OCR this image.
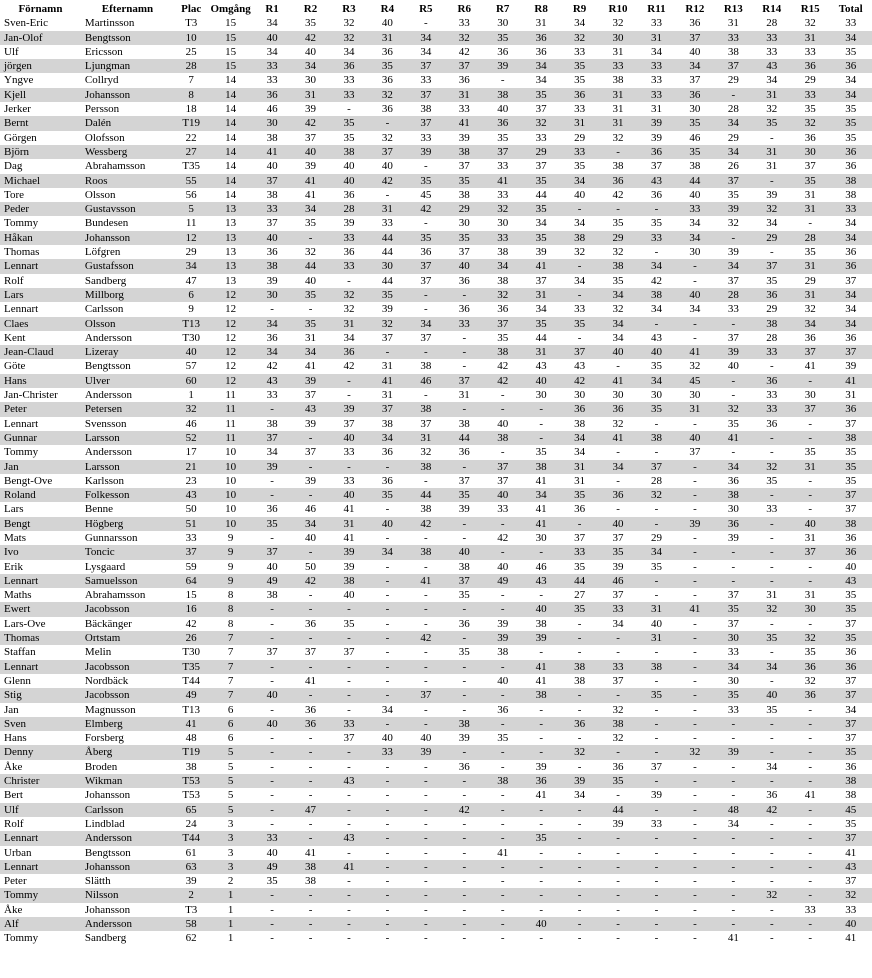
Förnamn	Efternamn	Plac	Omgång	R1	R2	R3	R4	R5	R6	R7	R8	R9	R10	R11	R12	R13	R14	R15	Total
Sven-Eric	Martinsson	T3	15	34	35	32	40	-	33	30	31	34	32	33	36	31	28	32	33
Jan-Olof	Bengtsson	10	15	40	42	32	31	34	32	35	36	32	30	31	37	33	33	31	34
Ulf	Ericsson	25	15	34	40	34	36	34	42	36	36	33	31	34	40	38	33	33	35
jörgen	Ljungman	28	15	33	34	36	35	37	37	39	34	35	33	33	34	37	43	36	36
Yngve	Collryd	7	14	33	30	33	36	33	36	-	34	35	38	33	37	29	34	29	34
Kjell	Johansson	8	14	36	31	33	32	37	31	38	35	36	31	33	36	-	31	33	34
Jerker	Persson	18	14	46	39	-	36	38	33	40	37	33	31	31	30	28	32	35	35
Bernt	Dalén	T19	14	30	42	35	-	37	41	36	32	31	31	39	35	34	35	32	35
Görgen	Olofsson	22	14	38	37	35	32	33	39	35	33	29	32	39	46	29	-	36	35
Björn	Wessberg	27	14	41	40	38	37	39	38	37	29	33	-	36	35	34	31	30	36
Dag	Abrahamsson	T35	14	40	39	40	40	-	37	33	37	35	38	37	38	26	31	37	36
Michael	Roos	55	14	37	41	40	42	35	35	41	35	34	36	43	44	37	-	35	38
Tore	Olsson	56	14	38	41	36	-	45	38	33	44	40	42	36	40	35	39	31	38
Peder	Gustavsson	5	13	33	34	28	31	42	29	32	35	-	-	-	33	39	32	31	33
Tommy	Bundesen	11	13	37	35	39	33	-	30	30	34	34	35	35	34	32	34	-	34
Håkan	Johansson	12	13	40	-	33	44	35	35	33	35	38	29	33	34	-	29	28	34
Thomas	Löfgren	29	13	36	32	36	44	36	37	38	39	32	32	-	30	39	-	35	36
Lennart	Gustafsson	34	13	38	44	33	30	37	40	34	41	-	38	34	-	34	37	31	36
Rolf	Sandberg	47	13	39	40	-	44	37	36	38	37	34	35	42	-	37	35	29	37
Lars	Millborg	6	12	30	35	32	35	-	-	32	31	-	34	38	40	28	36	31	34
Lennart	Carlsson	9	12	-	-	32	39	-	36	36	34	33	32	34	34	33	29	32	34
Claes	Olsson	T13	12	34	35	31	32	34	33	37	35	35	34	-	-	-	38	34	34
Kent	Andersson	T30	12	36	31	34	37	37	-	35	44	-	34	43	-	37	28	36	36
Jean-Claud	Lizeray	40	12	34	34	36	-	-	-	38	31	37	40	40	41	39	33	37	37
Göte	Bengtsson	57	12	42	41	42	31	38	-	42	43	43	-	35	32	40	-	41	39
Hans	Ulver	60	12	43	39	-	41	46	37	42	40	42	41	34	45	-	36	-	41
Jan-Christer	Andersson	1	11	33	37	-	31	-	31	-	30	30	30	30	30	-	33	30	31
Peter	Petersen	32	11	-	43	39	37	38	-	-	-	36	36	35	31	32	33	37	36
Lennart	Svensson	46	11	38	39	37	38	37	38	40	-	38	32	-	-	35	36	-	37
Gunnar	Larsson	52	11	37	-	40	34	31	44	38	-	34	41	38	40	41	-	-	38
Tommy	Andersson	17	10	34	37	33	36	32	36	-	35	34	-	-	37	-	-	35	35
Jan	Larsson	21	10	39	-	-	-	38	-	37	38	31	34	37	-	34	32	31	35
Bengt-Ove	Karlsson	23	10	-	39	33	36	-	37	37	41	31	-	28	-	36	35	-	35
Roland	Folkesson	43	10	-	-	40	35	44	35	40	34	35	36	32	-	38	-	-	37
Lars	Benne	50	10	36	46	41	-	38	39	33	41	36	-	-	-	30	33	-	37
Bengt	Högberg	51	10	35	34	31	40	42	-	-	41	-	40	-	39	36	-	40	38
Mats	Gunnarsson	33	9	-	40	41	-	-	-	42	30	37	37	29	-	39	-	31	36
Ivo	Toncic	37	9	37	-	39	34	38	40	-	-	33	35	34	-	-	-	37	36
Erik	Lysgaard	59	9	40	50	39	-	-	38	40	46	35	39	35	-	-	-	-	40
Lennart	Samuelsson	64	9	49	42	38	-	41	37	49	43	44	46	-	-	-	-	-	43
Maths	Abrahamsson	15	8	38	-	40	-	-	35	-	-	27	37	-	-	37	31	31	35
Ewert	Jacobsson	16	8	-	-	-	-	-	-	-	40	35	33	31	41	35	32	30	35
Lars-Ove	Bäckänger	42	8	-	36	35	-	-	36	39	38	-	34	40	-	37	-	-	37
Thomas	Ortstam	26	7	-	-	-	-	42	-	39	39	-	-	31	-	30	35	32	35
Staffan	Melin	T30	7	37	37	37	-	-	35	38	-	-	-	-	-	33	-	35	36
Lennart	Jacobsson	T35	7	-	-	-	-	-	-	-	41	38	33	38	-	34	34	36	36
Glenn	Nordbäck	T44	7	-	41	-	-	-	-	40	41	38	37	-	-	30	-	32	37
Stig	Jacobsson	49	7	40	-	-	-	37	-	-	38	-	-	35	-	35	40	36	37
Jan	Magnusson	T13	6	-	36	-	34	-	-	36	-	-	32	-	-	33	35	-	34
Sven	Elmberg	41	6	40	36	33	-	-	38	-	-	36	38	-	-	-	-	-	37
Hans	Forsberg	48	6	-	-	37	40	40	39	35	-	-	32	-	-	-	-	-	37
Denny	Åberg	T19	5	-	-	-	33	39	-	-	-	32	-	-	32	39	-	-	35
Åke	Broden	38	5	-	-	-	-	-	36	-	39	-	36	37	-	-	34	-	36
Christer	Wikman	T53	5	-	-	43	-	-	-	38	36	39	35	-	-	-	-	-	38
Bert	Johansson	T53	5	-	-	-	-	-	-	-	41	34	-	39	-	-	36	41	38
Ulf	Carlsson	65	5	-	47	-	-	-	42	-	-	-	44	-	-	48	42	-	45
Rolf	Lindblad	24	3	-	-	-	-	-	-	-	-	-	39	33	-	34	-	-	35
Lennart	Andersson	T44	3	33	-	43	-	-	-	-	35	-	-	-	-	-	-	-	37
Urban	Bengtsson	61	3	40	41	-	-	-	-	41	-	-	-	-	-	-	-	-	41
Lennart	Johansson	63	3	49	38	41	-	-	-	-	-	-	-	-	-	-	-	-	43
Peter	Slätth	39	2	35	38	-	-	-	-	-	-	-	-	-	-	-	-	-	37
Tommy	Nilsson	2	1	-	-	-	-	-	-	-	-	-	-	-	-	-	32	-	32
Åke	Johansson	T3	1	-	-	-	-	-	-	-	-	-	-	-	-	-	-	33	33
Alf	Andersson	58	1	-	-	-	-	-	-	-	40	-	-	-	-	-	-	-	40
Tommy	Sandberg	62	1	-	-	-	-	-	-	-	-	-	-	-	-	41	-	-	41
